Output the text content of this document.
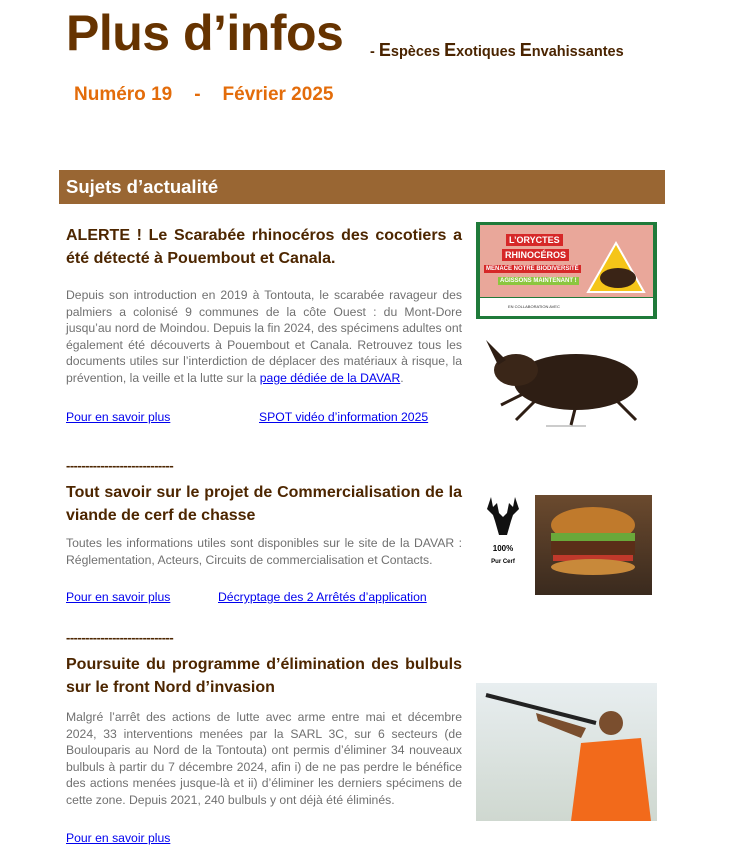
Plus d’infos - Espèces Exotiques Envahissantes
Numéro 19 - Février 2025
Sujets d’actualité
ALERTE ! Le Scarabée rhinocéros des cocotiers a été détecté à Pouembout et Canala.
Depuis son introduction en 2019 à Tontouta, le scarabée ravageur des palmiers a colonisé 9 communes de la côte Ouest : du Mont-Dore jusqu’au nord de Moindou. Depuis la fin 2024, des spécimens adultes ont également été découverts à Pouembout et Canala. Retrouvez tous les documents utiles sur l’interdiction de déplacer des matériaux à risque, la prévention, la veille et la lutte sur la page dédiée de la DAVAR.
Pour en savoir plus	SPOT vidéo d’information 2025
L’ORYCTES
RHINOCÉROS
MENACE NOTRE BIODIVERSITÉ
AGISSONS MAINTENANT !
EN COLLABORATION AVEC
----------------------------
Tout savoir sur le projet de Commercialisation de la viande de cerf de chasse
Toutes les informations utiles sont disponibles sur le site de la DAVAR : Réglementation, Acteurs, Circuits de commercialisation et Contacts.
Pour en savoir plus	Décryptage des 2 Arrêtés d’application
100%
Pur Cerf
----------------------------
Poursuite du programme d’élimination des bulbuls sur le front Nord d’invasion
Malgré l’arrêt des actions de lutte avec arme entre mai et décembre 2024, 33 interventions menées par la SARL 3C, sur 6 secteurs (de Boulouparis au Nord de la Tontouta) ont permis d’éliminer 34 nouveaux bulbuls à partir du 7 décembre 2024, afin i) de ne pas perdre le bénéfice des actions menées jusque-là et ii) d’éliminer les derniers spécimens de cette zone. Depuis 2021, 240 bulbuls y ont déjà été éliminés.
Pour en savoir plus
